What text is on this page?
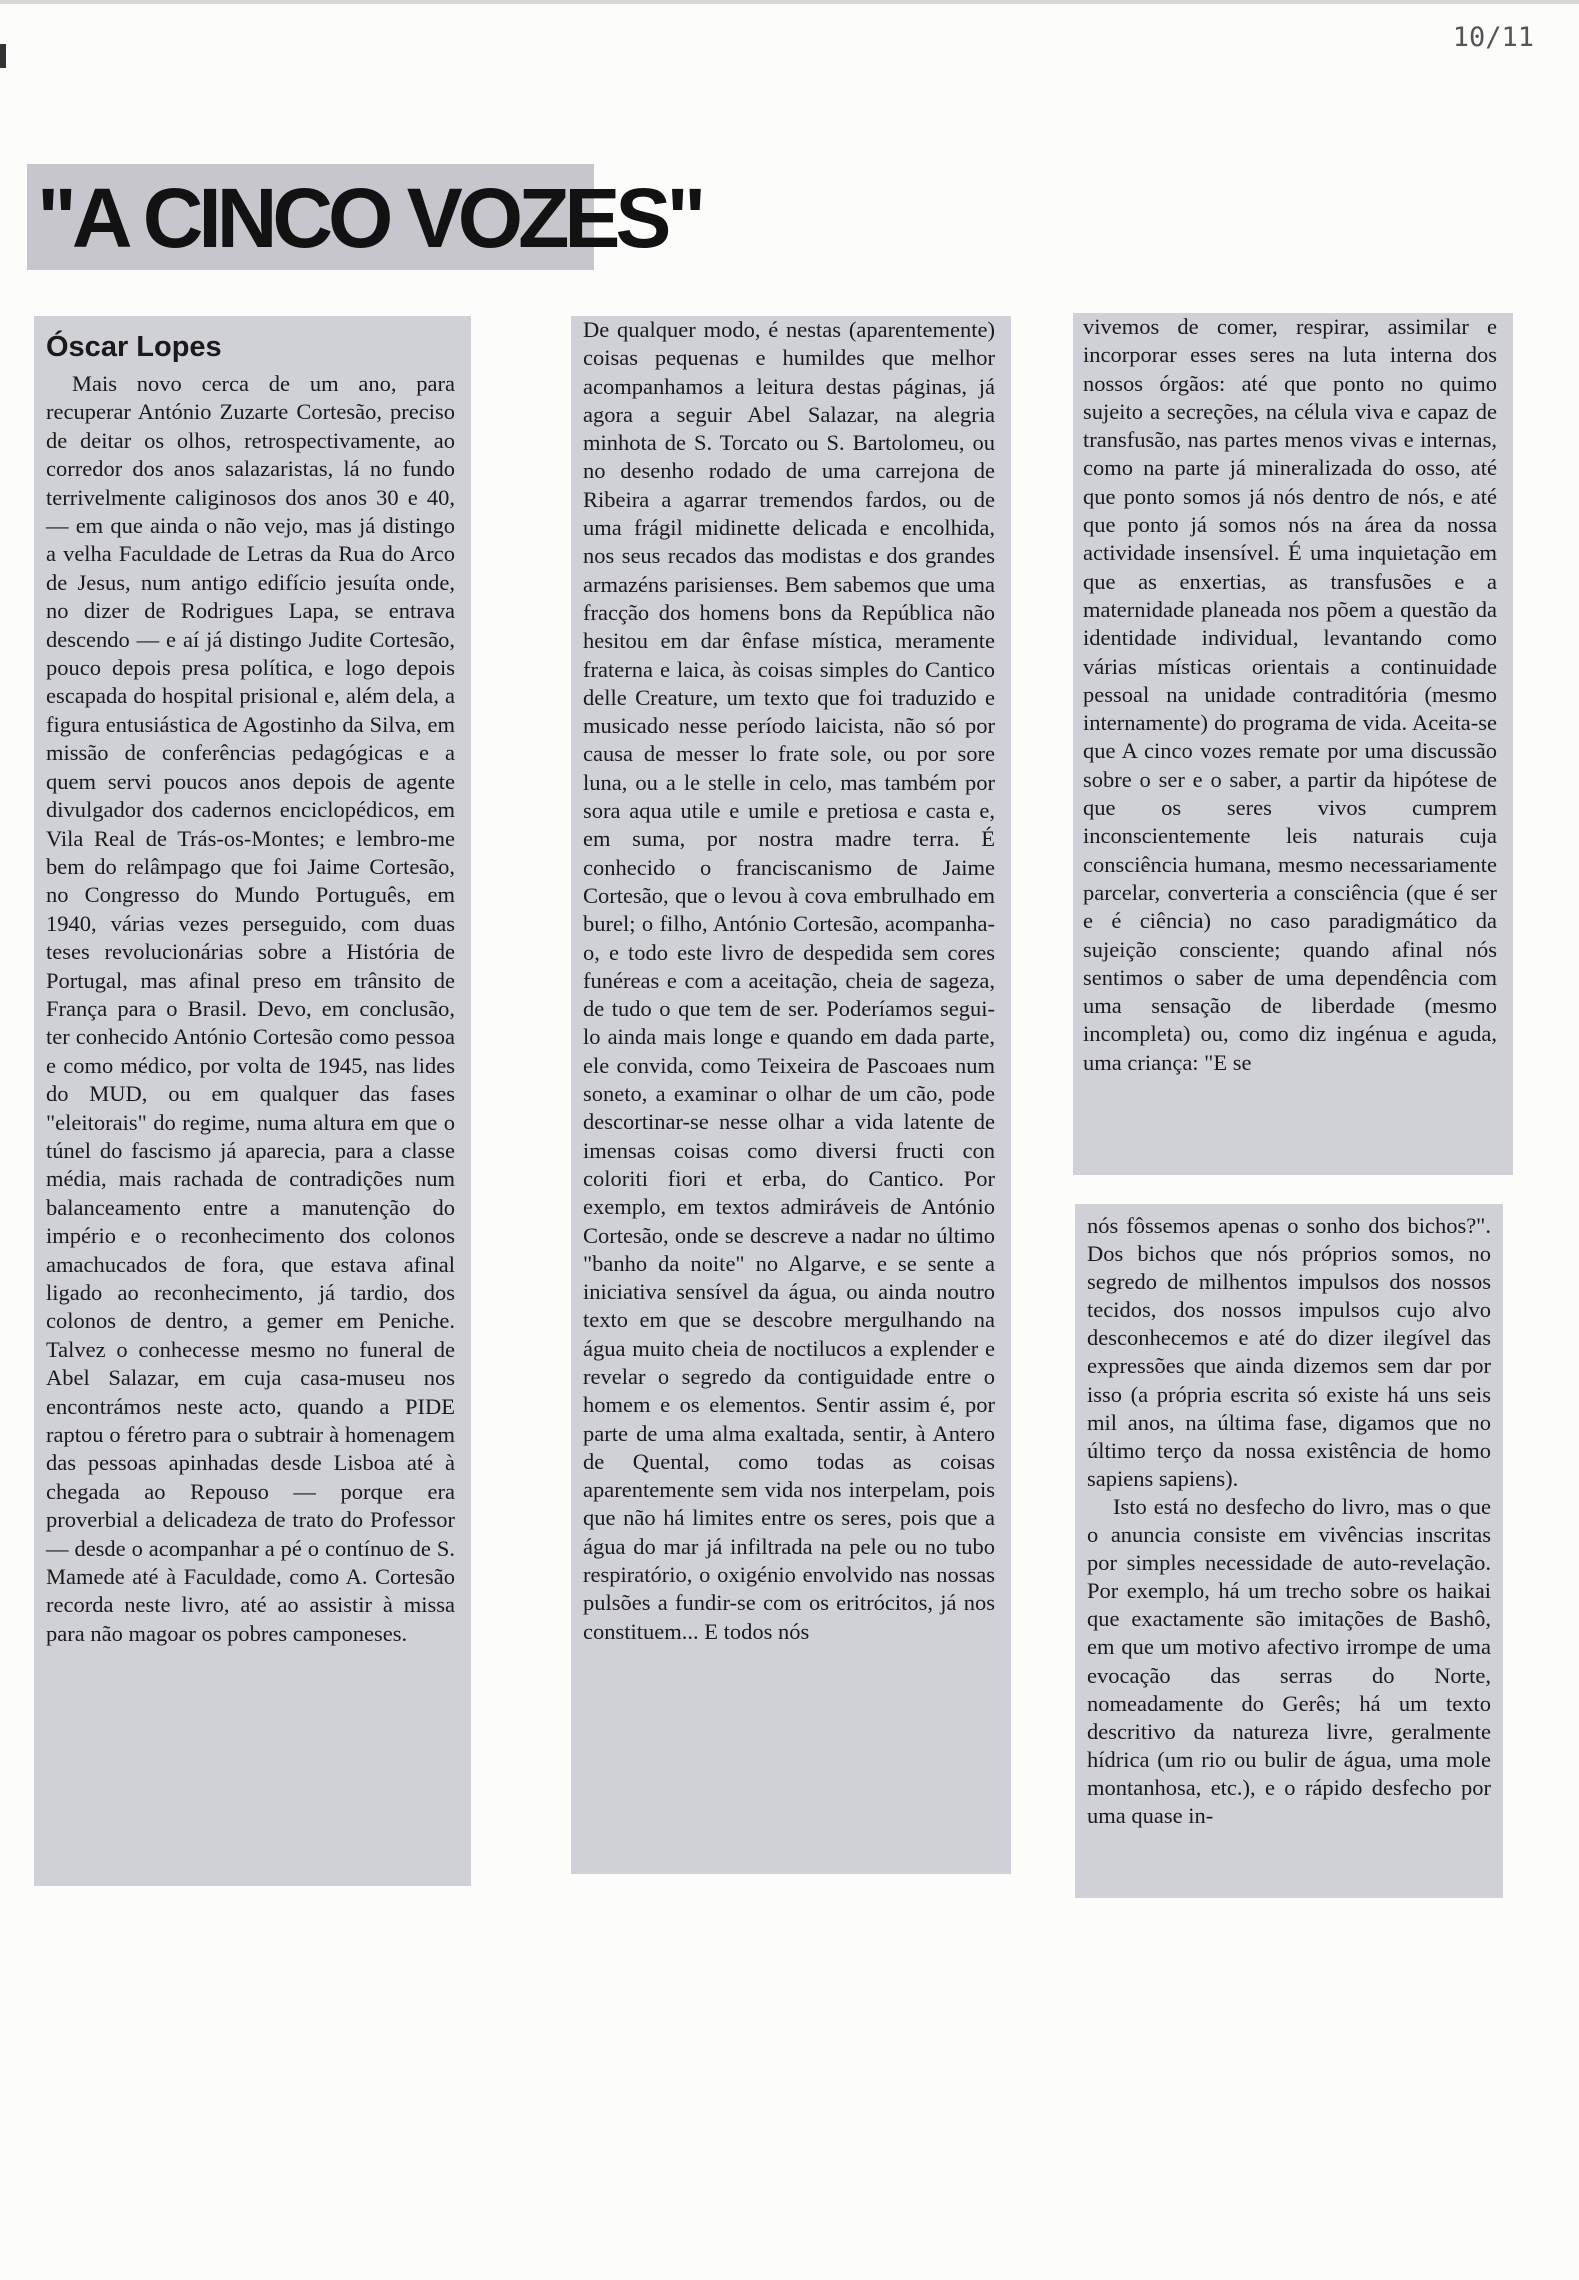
10/11
"A CINCO VOZES"
Óscar Lopes

Mais novo cerca de um ano, para recuperar António Zuzarte Cortesão, preciso de deitar os olhos, retrospectivamente, ao corredor dos anos salazaristas, lá no fundo terrivelmente caliginosos dos anos 30 e 40, — em que ainda o não vejo, mas já distingo a velha Faculdade de Letras da Rua do Arco de Jesus, num antigo edifício jesuíta onde, no dizer de Rodrigues Lapa, se entrava descendo — e aí já distingo Judite Cortesão, pouco depois presa política, e logo depois escapada do hospital prisional e, além dela, a figura entusiástica de Agostinho da Silva, em missão de conferências pedagógicas e a quem servi poucos anos depois de agente divulgador dos cadernos enciclopédicos, em Vila Real de Trás-os-Montes; e lembro-me bem do relâmpago que foi Jaime Cortesão, no Congresso do Mundo Português, em 1940, várias vezes perseguido, com duas teses revolucionárias sobre a História de Portugal, mas afinal preso em trânsito de França para o Brasil. Devo, em conclusão, ter conhecido António Cortesão como pessoa e como médico, por volta de 1945, nas lides do MUD, ou em qualquer das fases "eleitorais" do regime, numa altura em que o túnel do fascismo já aparecia, para a classe média, mais rachada de contradições num balanceamento entre a manutenção do império e o reconhecimento dos colonos amachucados de fora, que estava afinal ligado ao reconhecimento, já tardio, dos colonos de dentro, a gemer em Peniche. Talvez o conhecesse mesmo no funeral de Abel Salazar, em cuja casa-museu nos encontrámos neste acto, quando a PIDE raptou o féretro para o subtrair à homenagem das pessoas apinhadas desde Lisboa até à chegada ao Repouso — porque era proverbial a delicadeza de trato do Professor — desde o acompanhar a pé o contínuo de S. Mamede até à Faculdade, como A. Cortesão recorda neste livro, até ao assistir à missa para não magoar os pobres camponeses.

De qualquer modo, é nestas (aparentemente) coisas pequenas e humildes que melhor acompanhamos a leitura destas páginas, já agora a seguir Abel Salazar, na alegria minhota de S. Torcato ou S. Bartolomeu, ou no desenho rodado de uma carrejona de Ribeira a agarrar tremendos fardos, ou de uma frágil midinette delicada e encolhida, nos seus recados das modistas e dos grandes armazéns parisienses. Bem sabemos que uma fracção dos homens bons da República não hesitou em dar ênfase mística, meramente fraterna e laica, às coisas simples do Cantico delle Creature, um texto que foi traduzido e musicado nesse período laicista, não só por causa de messer lo frate sole, ou por sore luna, ou a le stelle in celo, mas também por sora aqua utile e umile e pretiosa e casta e, em suma, por nostra madre terra. É conhecido o franciscanismo de Jaime Cortesão, que o levou à cova embrulhado em burel; o filho, António Cortesão, acompanha-o, e todo este livro de despedida sem cores funéreas e com a aceitação, cheia de sageza, de tudo o que tem de ser. Poderíamos segui-lo ainda mais longe e quando em dada parte, ele convida, como Teixeira de Pascoaes num soneto, a examinar o olhar de um cão, pode descortinar-se nesse olhar a vida latente de imensas coisas como diversi fructi con coloriti fiori et erba, do Cantico. Por exemplo, em textos admiráveis de António Cortesão, onde se descreve a nadar no último "banho da noite" no Algarve, e se sente a iniciativa sensível da água, ou ainda noutro texto em que se descobre mergulhando na água muito cheia de noctilucos a explender e revelar o segredo da contiguidade entre o homem e os elementos. Sentir assim é, por parte de uma alma exaltada, sentir, à Antero de Quental, como todas as coisas aparentemente sem vida nos interpelam, pois que não há limites entre os seres, pois que a água do mar já infiltrada na pele ou no tubo respiratório, o oxigénio envolvido nas nossas pulsões a fundir-se com os eritrócitos, já nos constituem... E todos nós

vivemos de comer, respirar, assimilar e incorporar esses seres na luta interna dos nossos órgãos: até que ponto no quimo sujeito a secreções, na célula viva e capaz de transfusão, nas partes menos vivas e internas, como na parte já mineralizada do osso, até que ponto somos já nós dentro de nós, e até que ponto já somos nós na área da nossa actividade insensível. É uma inquietação em que as enxertias, as transfusões e a maternidade planeada nos põem a questão da identidade individual, levantando como várias místicas orientais a continuidade pessoal na unidade contraditória (mesmo internamente) do programa de vida. Aceita-se que A cinco vozes remate por uma discussão sobre o ser e o saber, a partir da hipótese de que os seres vivos cumprem inconscientemente leis naturais cuja consciência humana, mesmo necessariamente parcelar, converteria a consciência (que é ser e é ciência) no caso paradigmático da sujeição consciente; quando afinal nós sentimos o saber de uma dependência com uma sensação de liberdade (mesmo incompleta) ou, como diz ingénua e aguda, uma criança: "E se

nós fôssemos apenas o sonho dos bichos?". Dos bichos que nós próprios somos, no segredo de milhentos impulsos dos nossos tecidos, dos nossos impulsos cujo alvo desconhecemos e até do dizer ilegível das expressões que ainda dizemos sem dar por isso (a própria escrita só existe há uns seis mil anos, na última fase, digamos que no último terço da nossa existência de homo sapiens sapiens).

Isto está no desfecho do livro, mas o que o anuncia consiste em vivências inscritas por simples necessidade de auto-revelação. Por exemplo, há um trecho sobre os haikai que exactamente são imitações de Bashô, em que um motivo afectivo irrompe de uma evocação das serras do Norte, nomeadamente do Gerês; há um texto descritivo da natureza livre, geralmente hídrica (um rio ou bulir de água, uma mole montanhosa, etc.), e o rápido desfecho por uma quase in-
